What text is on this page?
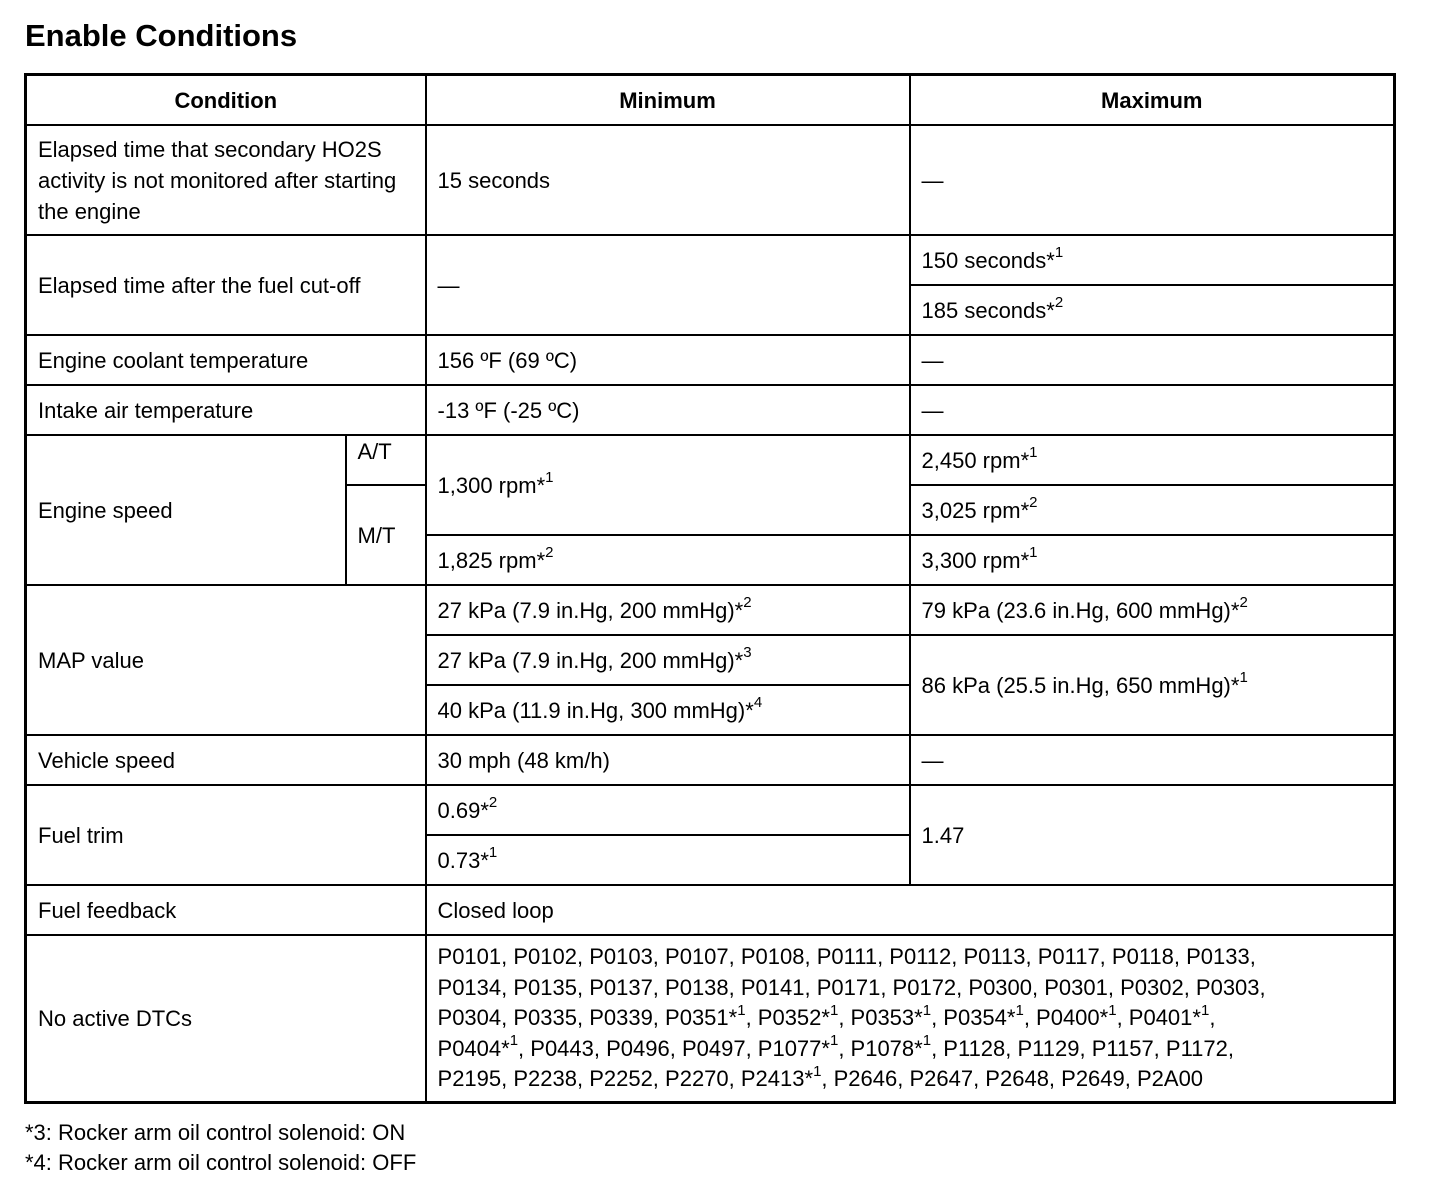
Enable Conditions
Condition		Minimum	Maximum
Elapsed time that secondary HO2S activity is not monitored after starting the engine		15 seconds	—
Elapsed time after the fuel cut-off		—	150 seconds*$^1$
			185 seconds*$^2$
Engine coolant temperature		156 ºF (69 ºC)	—
Intake air temperature		-13 ºF (-25 ºC)	—
Engine speed	A/T	1,300 rpm*$^1$	2,450 rpm*$^1$
	M/T		3,025 rpm*$^2$
		1,825 rpm*$^2$	3,300 rpm*$^1$
MAP value		27 kPa (7.9 in.Hg, 200 mmHg)*$^2$	79 kPa (23.6 in.Hg, 600 mmHg)*$^2$
		27 kPa (7.9 in.Hg, 200 mmHg)*$^3$	86 kPa (25.5 in.Hg, 650 mmHg)*$^1$
		40 kPa (11.9 in.Hg, 300 mmHg)*$^4$
Vehicle speed		30 mph (48 km/h)	—
Fuel trim		0.69*$^2$	1.47
		0.73*$^1$
Fuel feedback		Closed loop	
No active DTCs		P0101, P0102, P0103, P0107, P0108, P0111, P0112, P0113, P0117, P0118, P0133,
P0134, P0135, P0137, P0138, P0141, P0171, P0172, P0300, P0301, P0302, P0303,
P0304, P0335, P0339, P0351*$^1$, P0352*$^1$, P0353*$^1$, P0354*$^1$, P0400*$^1$, P0401*$^1$,
P0404*$^1$, P0443, P0496, P0497, P1077*$^1$, P1078*$^1$, P1128, P1129, P1157, P1172,
P2195, P2238, P2252, P2270, P2413*$^1$, P2646, P2647, P2648, P2649, P2A00	
*3: Rocker arm oil control solenoid: ON
*4: Rocker arm oil control solenoid: OFF
